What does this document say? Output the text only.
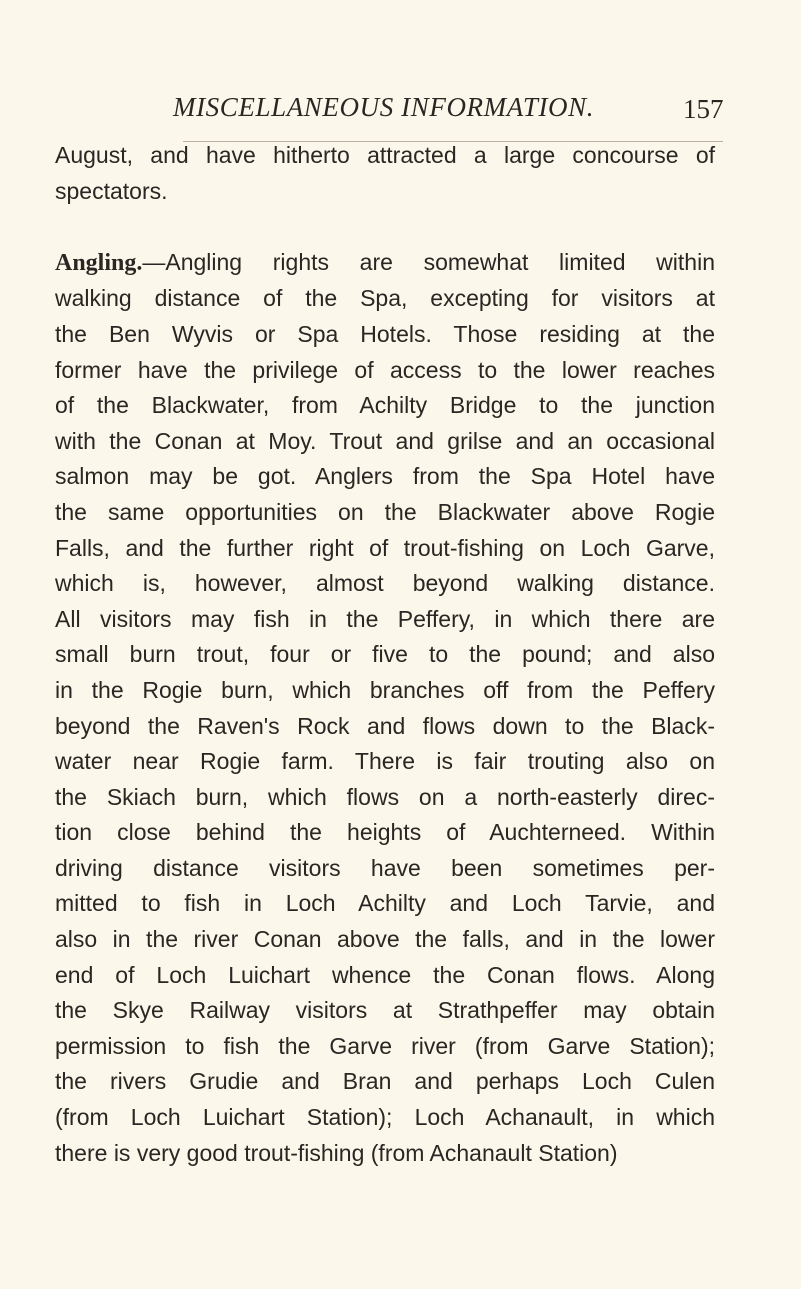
MISCELLANEOUS INFORMATION.	157
August, and have hitherto attracted a large concourse of
spectators.
Angling.—Angling rights are somewhat limited within
walking distance of the Spa, excepting for visitors at
the Ben Wyvis or Spa Hotels. Those residing at the
former have the privilege of access to the lower reaches
of the Blackwater, from Achilty Bridge to the junction
with the Conan at Moy. Trout and grilse and an occasional
salmon may be got. Anglers from the Spa Hotel have
the same opportunities on the Blackwater above Rogie
Falls, and the further right of trout-fishing on Loch Garve,
which is, however, almost beyond walking distance.
All visitors may fish in the Peffery, in which there are
small burn trout, four or five to the pound; and also
in the Rogie burn, which branches off from the Peffery
beyond the Raven's Rock and flows down to the Black-
water near Rogie farm. There is fair trouting also on
the Skiach burn, which flows on a north-easterly direc-
tion close behind the heights of Auchterneed. Within
driving distance visitors have been sometimes per-
mitted to fish in Loch Achilty and Loch Tarvie, and
also in the river Conan above the falls, and in the lower
end of Loch Luichart whence the Conan flows. Along
the Skye Railway visitors at Strathpeffer may obtain
permission to fish the Garve river (from Garve Station);
the rivers Grudie and Bran and perhaps Loch Culen
(from Loch Luichart Station); Loch Achanault, in which
there is very good trout-fishing (from Achanault Station)
